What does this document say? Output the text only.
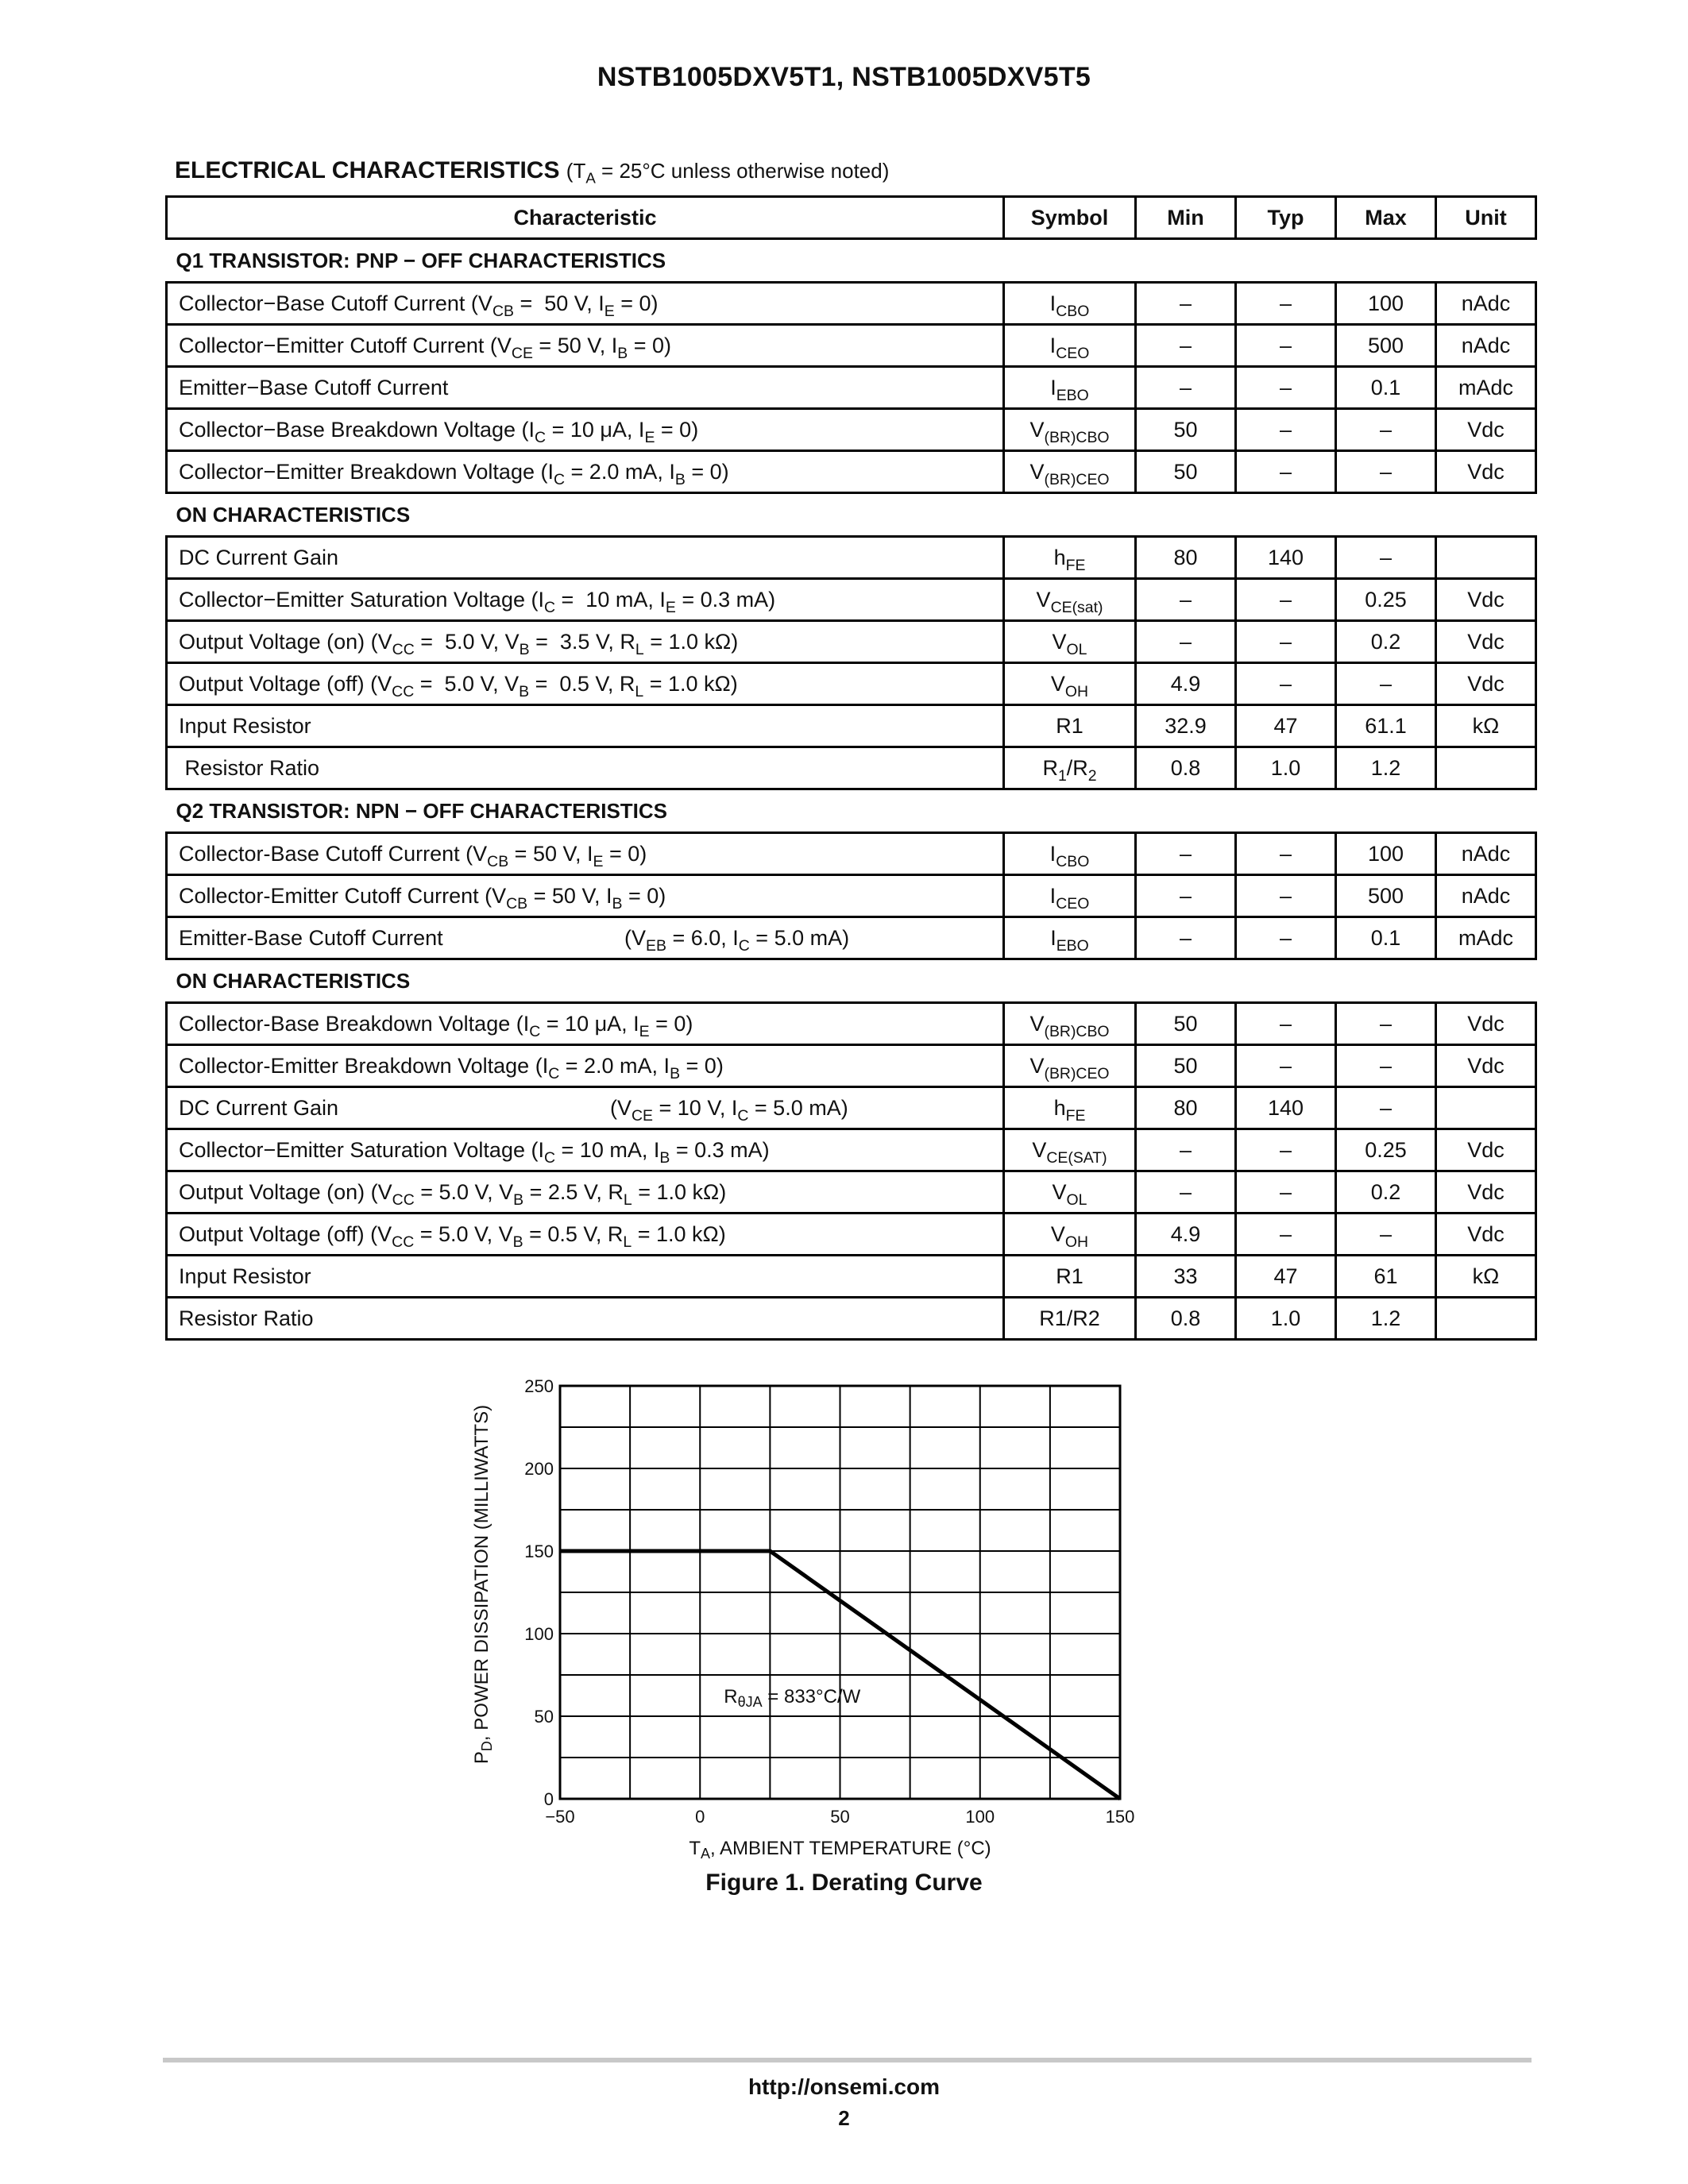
NSTB1005DXV5T1, NSTB1005DXV5T5
ELECTRICAL CHARACTERISTICS ($T_A = 25^\circ C$ unless otherwise noted)
Characteristic	Symbol	Min	Typ	Max	Unit
Q1 TRANSISTOR: PNP − OFF CHARACTERISTICS					
Collector−Base Cutoff Current ($V_{CB} = 50$ V, $I_E = 0$)	$I_{CBO}$	–	–	100	nAdc
Collector−Emitter Cutoff Current ($V_{CE} = 50$ V, $I_B = 0$)	$I_{CEO}$	–	–	500	nAdc
Emitter−Base Cutoff Current	$I_{EBO}$	–	–	0.1	mAdc
Collector−Base Breakdown Voltage ($I_C = 10$ μA, $I_E = 0$)	$V_{(BR)CBO}$	50	–	–	Vdc
Collector−Emitter Breakdown Voltage ($I_C = 2.0$ mA, $I_B = 0$)	$V_{(BR)CEO}$	50	–	–	Vdc
ON CHARACTERISTICS					
DC Current Gain	$h_{FE}$	80	140	–	
Collector−Emitter Saturation Voltage ($I_C = 10$ mA, $I_E = 0.3$ mA)	$V_{CE(sat)}$	–	–	0.25	Vdc
Output Voltage (on) ($V_{CC} = 5.0$ V, $V_B = 3.5$ V, $R_L = 1.0$ kΩ)	$V_{OL}$	–	–	0.2	Vdc
Output Voltage (off) ($V_{CC} = 5.0$ V, $V_B = 0.5$ V, $R_L = 1.0$ kΩ)	$V_{OH}$	4.9	–	–	Vdc
Input Resistor	R1	32.9	47	61.1	kΩ
Resistor Ratio	$R_1/R_2$	0.8	1.0	1.2	
Q2 TRANSISTOR: NPN − OFF CHARACTERISTICS					
Collector-Base Cutoff Current ($V_{CB} = 50$ V, $I_E = 0$)	$I_{CBO}$	–	–	100	nAdc
Collector-Emitter Cutoff Current ($V_{CB} = 50$ V, $I_B = 0$)	$I_{CEO}$	–	–	500	nAdc
Emitter-Base Cutoff Current ($V_{EB} = 6.0$, $I_C = 5.0$ mA)	$I_{EBO}$	–	–	0.1	mAdc
ON CHARACTERISTICS					
Collector-Base Breakdown Voltage ($I_C = 10$ μA, $I_E = 0$)	$V_{(BR)CBO}$	50	–	–	Vdc
Collector-Emitter Breakdown Voltage ($I_C = 2.0$ mA, $I_B = 0$)	$V_{(BR)CEO}$	50	–	–	Vdc
DC Current Gain ($V_{CE} = 10$ V, $I_C = 5.0$ mA)	$h_{FE}$	80	140	–	
Collector−Emitter Saturation Voltage ($I_C = 10$ mA, $I_B = 0.3$ mA)	$V_{CE(SAT)}$	–	–	0.25	Vdc
Output Voltage (on) ($V_{CC} = 5.0$ V, $V_B = 2.5$ V, $R_L = 1.0$ kΩ)	$V_{OL}$	–	–	0.2	Vdc
Output Voltage (off) ($V_{CC} = 5.0$ V, $V_B = 0.5$ V, $R_L = 1.0$ kΩ)	$V_{OH}$	4.9	–	–	Vdc
Input Resistor	R1	33	47	61	kΩ
Resistor Ratio	R1/R2	0.8	1.0	1.2	
−50	0	50	100	150
0
50
100
150
200
250
$R_{\theta JA} = 833^\circ C/W$
$T_A$, AMBIENT TEMPERATURE (°C)
$P_D$, POWER DISSIPATION (MILLIWATTS)
Figure 1. Derating Curve
http://onsemi.com
2
